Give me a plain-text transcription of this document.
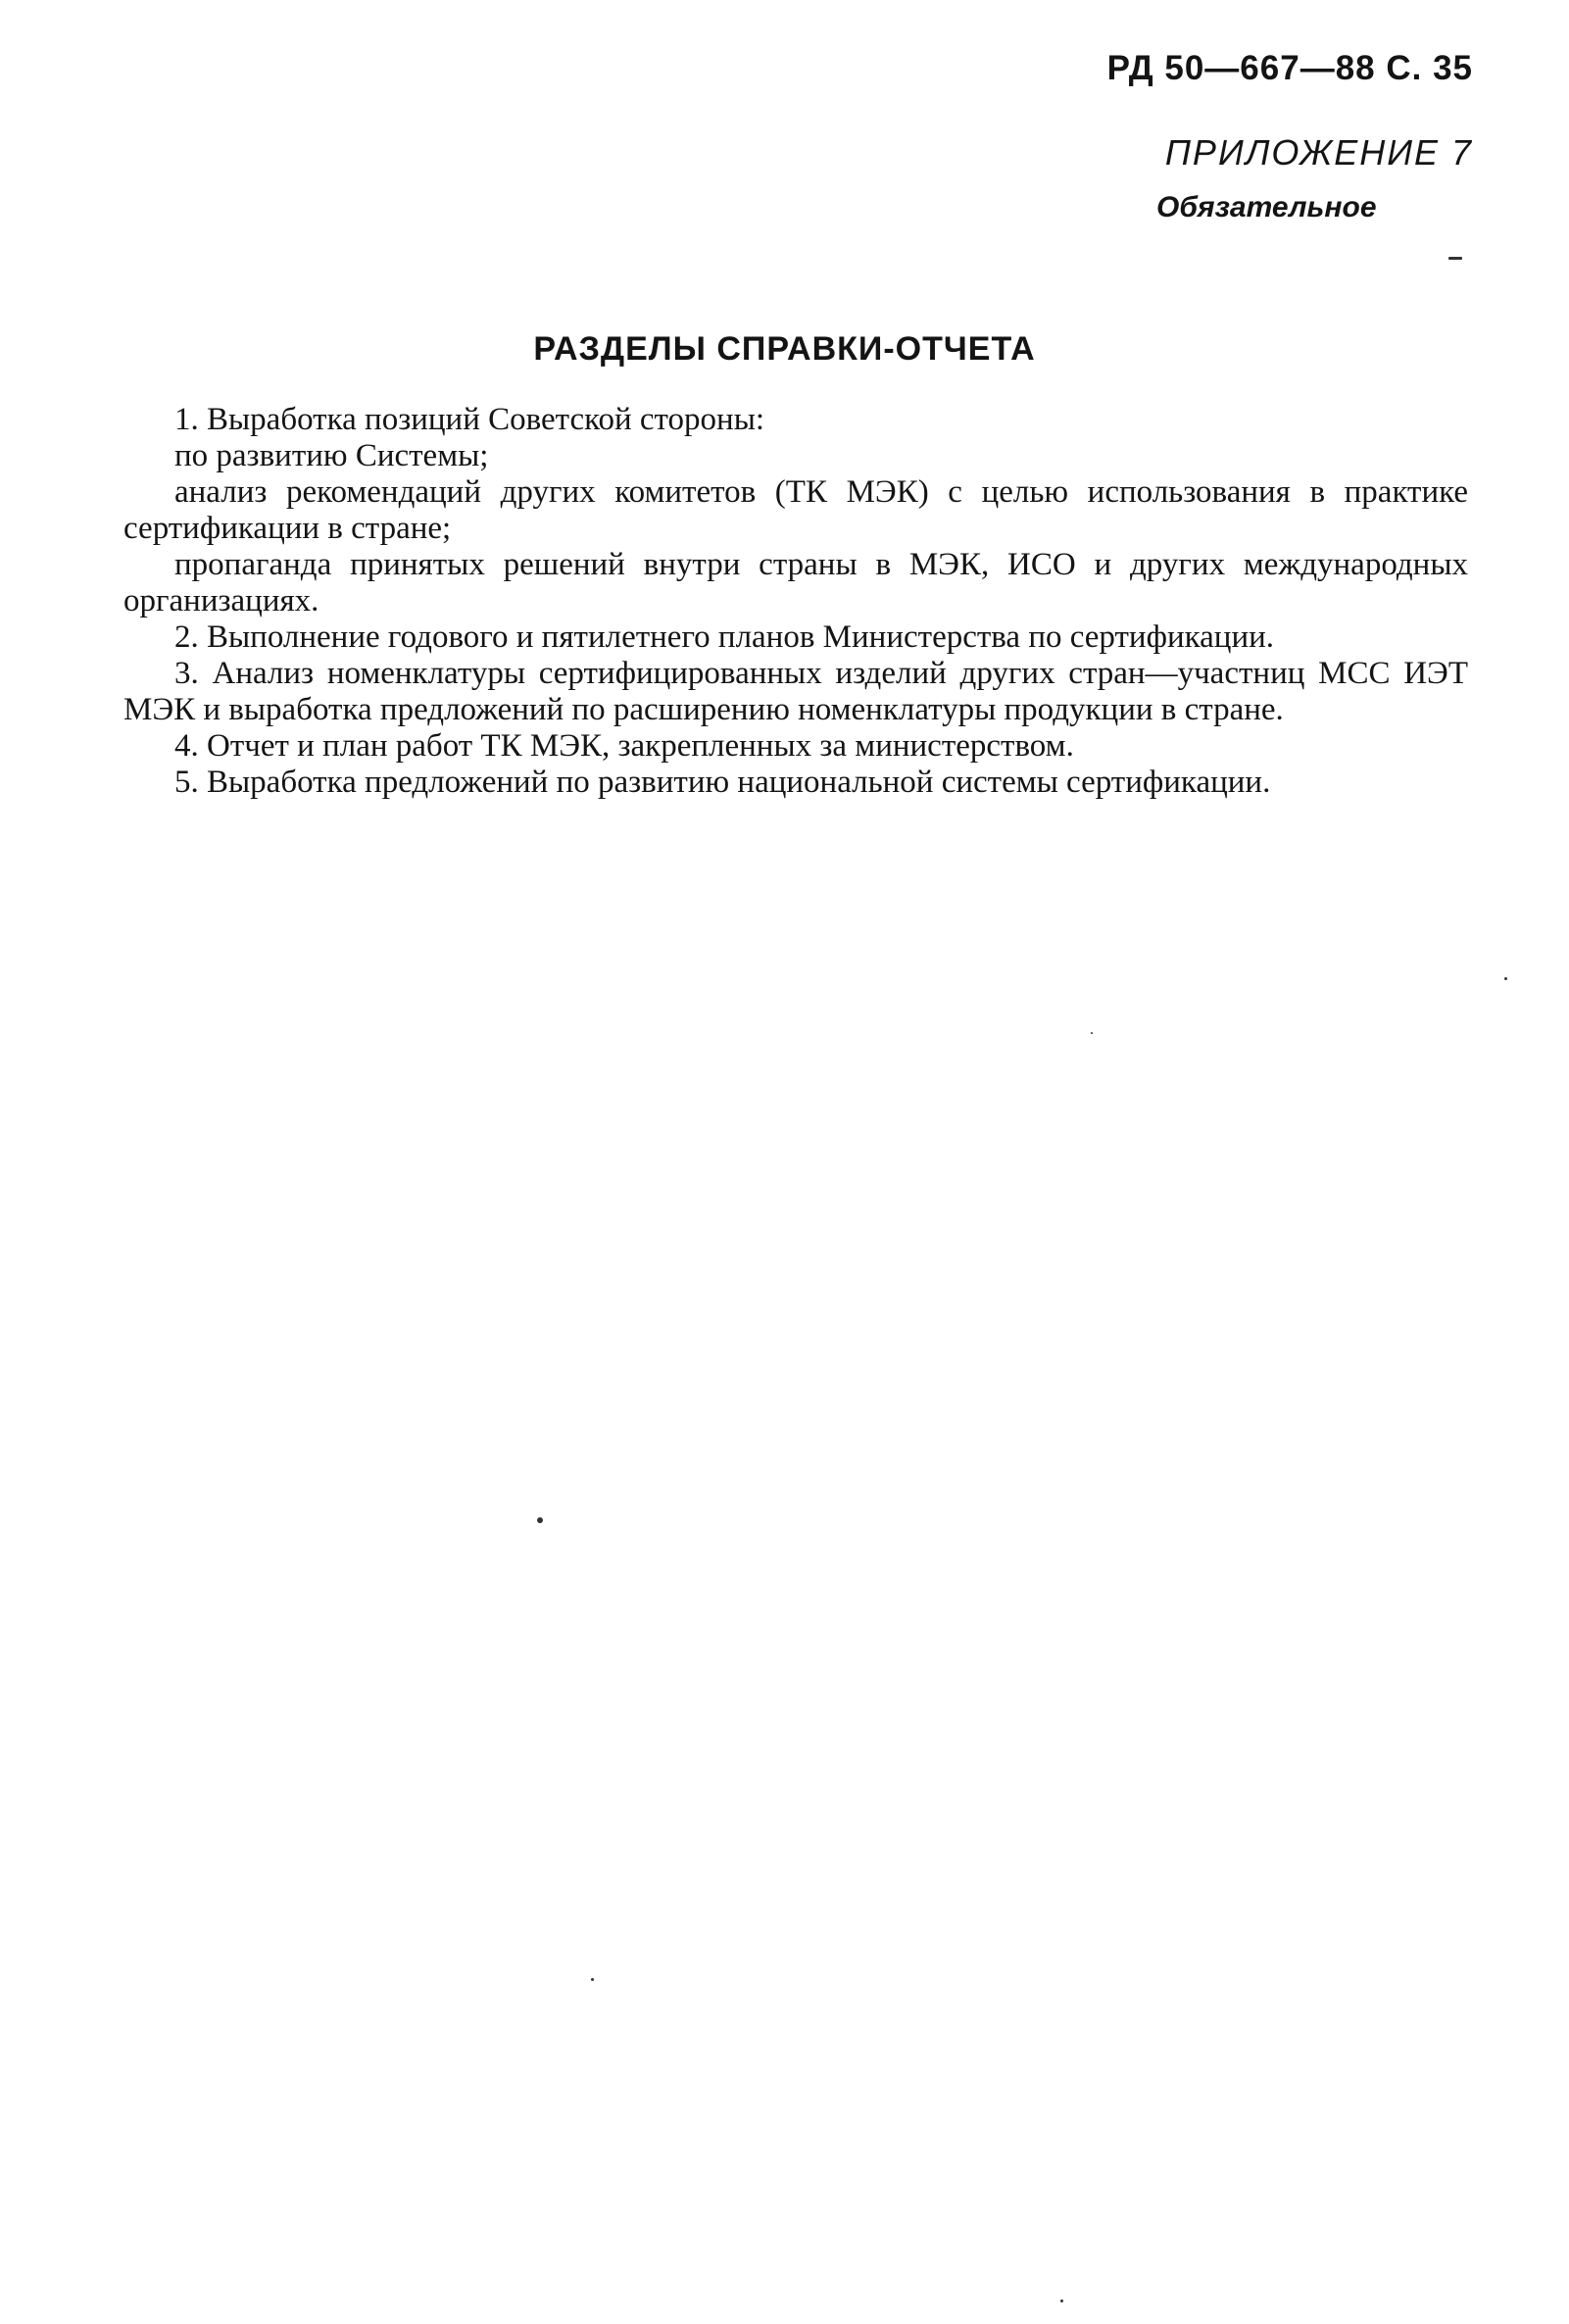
РД 50—667—88 С. 35
ПРИЛОЖЕНИЕ 7
Обязательное
РАЗДЕЛЫ СПРАВКИ-ОТЧЕТА

1. Выработка позиций Советской стороны:

по развитию Системы;

анализ рекомендаций других комитетов (ТК МЭК) с целью использования в практике сертификации в стране;

пропаганда принятых решений внутри страны в МЭК, ИСО и других международных организациях.

2. Выполнение годового и пятилетнего планов Министерства по сертификации.

3. Анализ номенклатуры сертифицированных изделий других стран—участниц МСС ИЭТ МЭК и выработка предложений по расширению номенклатуры продукции в стране.

4. Отчет и план работ ТК МЭК, закрепленных за министерством.

5. Выработка предложений по развитию национальной системы сертификации.
